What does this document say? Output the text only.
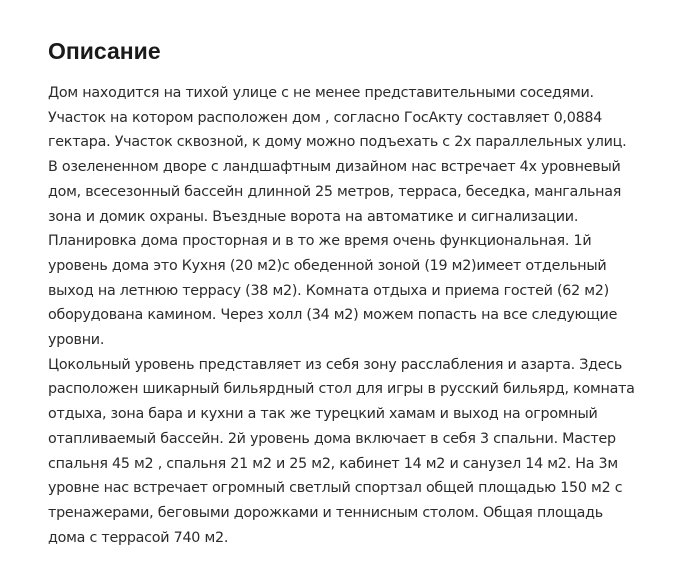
Описание
Дом находится на тихой улице с не менее представительными соседями.
Участок на котором расположен дом , согласно ГосАкту составляет 0,0884
гектара. Участок сквозной, к дому можно подъехать с 2х параллельных улиц.
В озелененном дворе с ландшафтным дизайном нас встречает 4х уровневый
дом, всесезонный бассейн длинной 25 метров, терраса, беседка, мангальная
зона и домик охраны. Въездные ворота на автоматике и сигнализации.
Планировка дома просторная и в то же время очень функциональная. 1й
уровень дома это Кухня (20 м2)с обеденной зоной (19 м2)имеет отдельный
выход на летнюю террасу (38 м2). Комната отдыха и приема гостей (62 м2)
оборудована камином. Через холл (34 м2) можем попасть на все следующие
уровни.
Цокольный уровень представляет из себя зону расслабления и азарта. Здесь
расположен шикарный бильярдный стол для игры в русский бильярд, комната
отдыха, зона бара и кухни а так же турецкий хамам и выход на огромный
отапливаемый бассейн. 2й уровень дома включает в себя 3 спальни. Мастер
спальня 45 м2 , спальня 21 м2 и 25 м2, кабинет 14 м2 и санузел 14 м2. На 3м
уровне нас встречает огромный светлый спортзал общей площадью 150 м2 с
тренажерами, беговыми дорожками и теннисным столом. Общая площадь
дома с террасой 740 м2.
